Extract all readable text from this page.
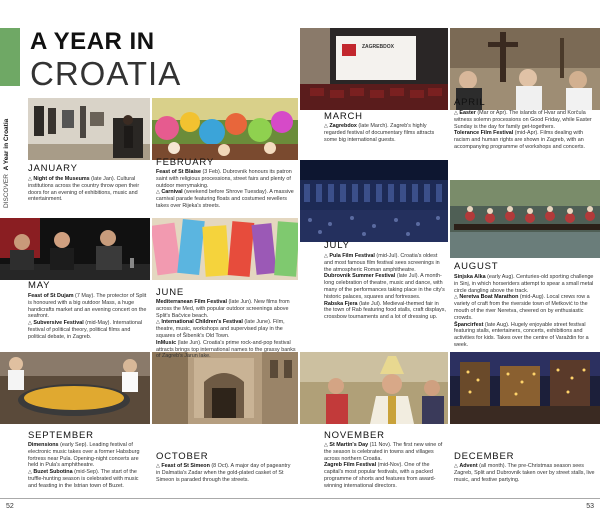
DISCOVER  A Year in Croatia
A YEAR IN
CROATIA
ZAGREBDOX
JANUARY

△ Night of the Museums (late Jan). Cultural institutions across the country throw open their doors for an evening of exhibitions, music and entertainment.

FEBRUARY

Feast of St Blaise (3 Feb). Dubrovnik honours its patron saint with religious processions, street fairs and plenty of outdoor merrymaking.

△ Carnival (weekend before Shrove Tuesday). A massive carnival parade featuring floats and costumed revellers takes over Rijeka's streets.

MARCH

△ Zagrebdox (late March). Zagreb's highly regarded festival of documentary films attracts some big international guests.

APRIL

△ Easter (Mar or Apr). The islands of Hvar and Korčula witness solemn processions on Good Friday, while Easter Sunday is the day for family get-togethers.

Tolerance Film Festival (mid-Apr). Films dealing with racism and human rights are shown in Zagreb, with an accompanying programme of workshops and concerts.

MAY

Feast of St Dujam (7 May). The protector of Split is honoured with a big outdoor Mass, a huge handicrafts market and an evening concert on the seafront.

△ Subversive Festival (mid-May). International festival of political theory, political films and political debate, in Zagreb.

JUNE

Mediterranean Film Festival (late Jun). New films from across the Med, with popular outdoor screenings above Split's Bačvice beach.

△ International Children's Festival (late June). Film, theatre, music, workshops and supervised play in the squares of Šibenik's Old Town.

InMusic (late Jun). Croatia's prime rock-and-pop festival attracts brings top international names to the grassy banks of Zagreb's Jarun lake.

JULY

△ Pula Film Festival (mid-Jul). Croatia's oldest and most famous film festival sees screenings in the atmospheric Roman amphitheatre.

Dubrovnik Summer Festival (late Jul). A month-long celebration of theatre, music and dance, with many of the performances taking place in the city's historic palaces, squares and fortresses.

Rabska Fjera (late Jul). Medieval-themed fair in the town of Rab featuring food stalls, craft displays, crossbow tournaments and a lot of dressing up.

AUGUST

Sinjska Alka (early Aug). Centuries-old sporting challenge in Sinj, in which horseriders attempt to spear a small metal circle dangling above the track.

△ Neretva Boat Marathon (mid-Aug). Local crews row a variety of craft from the riverside town of Metković to the mouth of the river Neretva, cheered on by enthusiastic crowds.

Špancirfest (late Aug). Hugely enjoyable street festival featuring stalls, entertainers, concerts, exhibitions and activities for kids. Takes over the centre of Varaždin for a week.

SEPTEMBER

Dimensions (early Sep). Leading festival of electronic music takes over a former Habsburg fortress near Pula. Opening-night concerts are held in Pula's amphitheatre.

△ Buzet Subotina (mid-Sep). The start of the truffle-hunting season is celebrated with music and feasting in the Istrian town of Buzet.

OCTOBER

△ Feast of St Simeon (8 Oct). A major day of pageantry in Dalmatia's Zadar when the gold-plated casket of St Simeon is paraded through the streets.

NOVEMBER

△ St Martin's Day (11 Nov). The first new wine of the season is celebrated in towns and villages across northern Croatia.

Zagreb Film Festival (mid-Nov). One of the capital's most popular festivals, with a packed programme of shorts and features from award-winning international directors.

DECEMBER

△ Advent (all month). The pre-Christmas season sees Zagreb, Split and Dubrovnik taken over by street stalls, live music, and festive partying.

52	53
